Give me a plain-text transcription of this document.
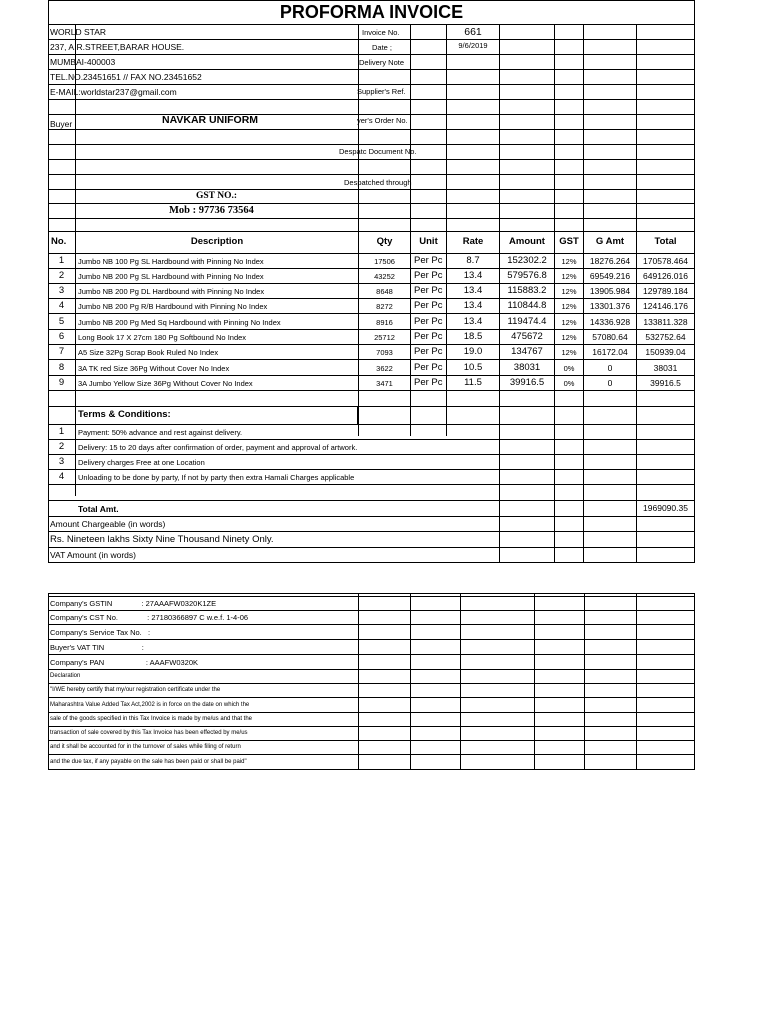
PROFORMA INVOICE
WORLD STAR
237, A.R.STREET,BARAR HOUSE.
MUMBAI-400003
TEL.NO.23451651 // FAX NO.23451652
E-MAIL:worldstar237@gmail.com
Invoice No.	661
Date ;	9/6/2019
Delivery Note
Supplier's Ref.
yer's Order No.
Despatc Document No.
Despatched through
Buyer	NAVKAR UNIFORM
GST NO.:
Mob : 97736 73564
No.	Description	Qty	Unit	Rate	Amount	GST	G Amt	Total
1	Jumbo NB 100 Pg SL Hardbound with Pinning No Index	17506	Per Pc	8.7	152302.2	12%	18276.264	170578.464
2	Jumbo NB 200 Pg SL Hardbound with Pinning No Index	43252	Per Pc	13.4	579576.8	12%	69549.216	649126.016
3	Jumbo NB 200 Pg DL Hardbound with Pinning No Index	8648	Per Pc	13.4	115883.2	12%	13905.984	129789.184
4	Jumbo NB 200 Pg R/B Hardbound with Pinning No Index	8272	Per Pc	13.4	110844.8	12%	13301.376	124146.176
5	Jumbo NB 200 Pg Med Sq Hardbound with Pinning No Index	8916	Per Pc	13.4	119474.4	12%	14336.928	133811.328
6	Long Book 17 X 27cm 180 Pg Softbound No Index	25712	Per Pc	18.5	475672	12%	57080.64	532752.64
7	A5 Size 32Pg Scrap Book Ruled No Index	7093	Per Pc	19.0	134767	12%	16172.04	150939.04
8	3A TK red Size 36Pg Without Cover No Index	3622	Per Pc	10.5	38031	0%	0	38031
9	3A Jumbo Yellow Size 36Pg Without Cover No Index	3471	Per Pc	11.5	39916.5	0%	0	39916.5
Terms & Conditions:
1	Payment: 50% advance and rest against delivery.
2	Delivery: 15 to 20 days after confirmation of order, payment and approval of artwork.
3	Delivery charges Free at one Location
4	Unloading to be done by party, If not by party then extra Hamali Charges applicable
Total Amt.	1969090.35
Amount Chargeable (in words)
Rs. Nineteen lakhs Sixty Nine Thousand Ninety Only.
VAT Amount (in words)
Company's GSTIN              : 27AAAFW0320K1ZE
Company's CST No.              : 27180366897 C w.e.f. 1-4-06
Company's Service Tax No.   :
Buyer's VAT TIN                  :
Company's PAN                    : AAAFW0320K
Declaration
"I/WE hereby certify that my/our registration certificate under the
Maharashtra Value Added Tax Act,2002 is in force on the date on which the
sale of the goods specified in this Tax Invoice is made by me/us and that the
transaction of sale covered by this Tax Invoice has been effected by me/us
and it shall be accounted for in the turnover of sales while filing of return
and the due tax, if any payable on the sale has been paid or shall be paid"
